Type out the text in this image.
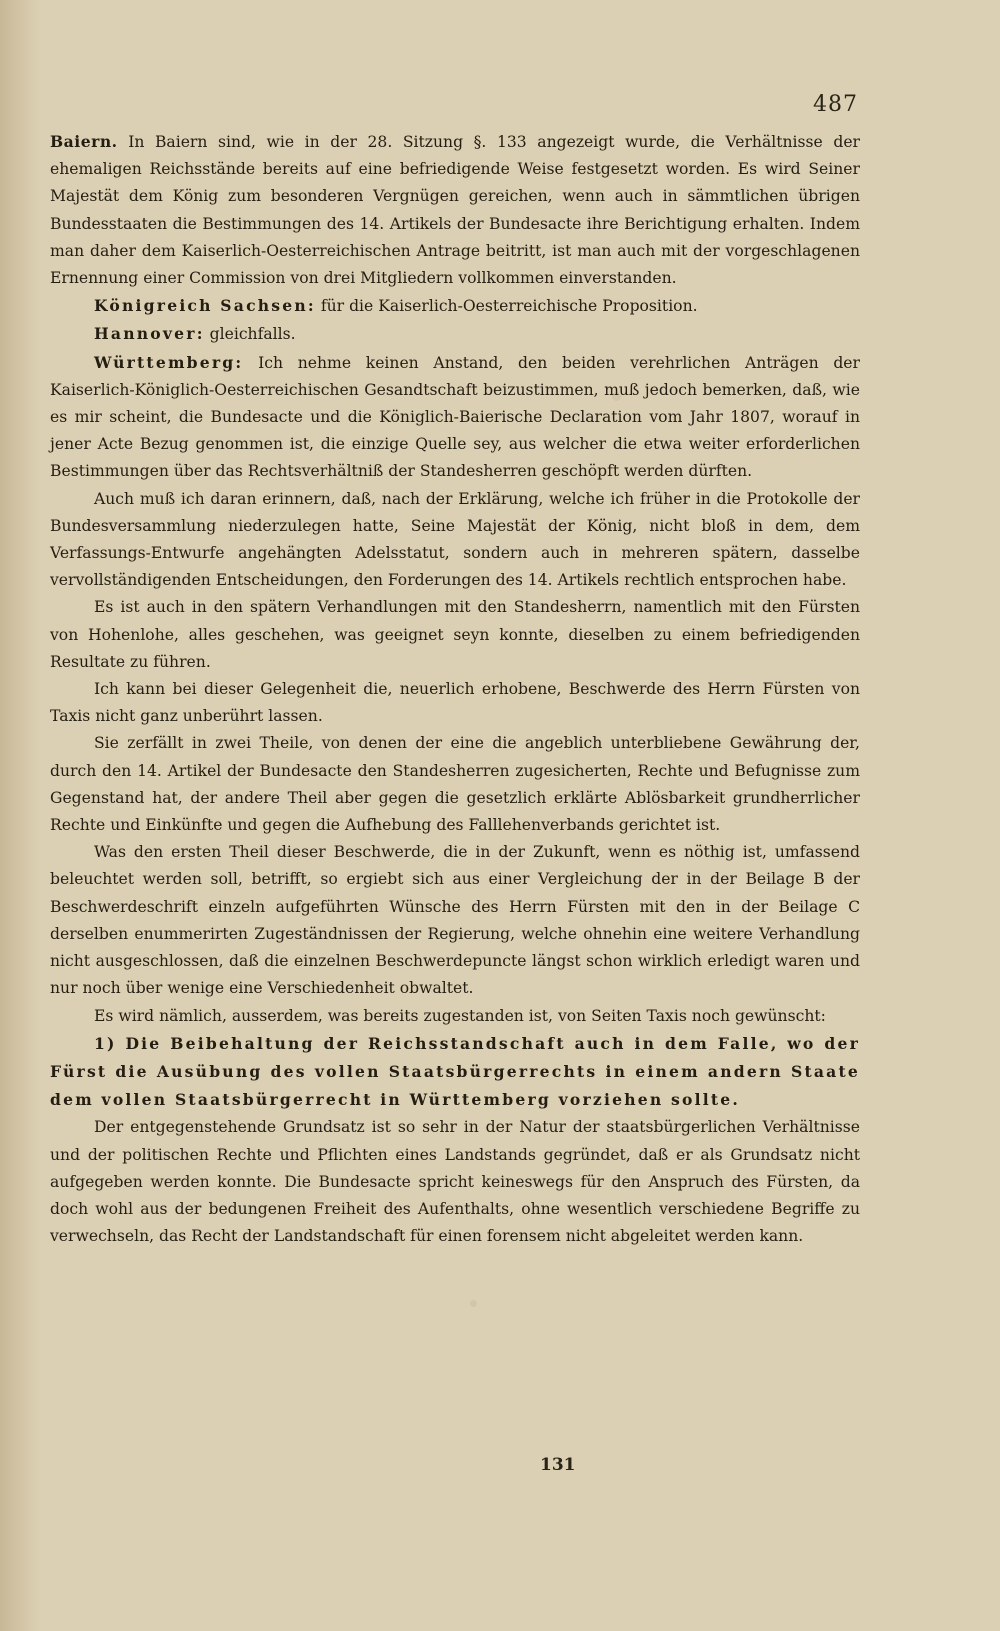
487

Baiern. In Baiern sind, wie in der 28. Sitzung §. 133 angezeigt wurde, die Verhältnisse der ehemaligen Reichsstände bereits auf eine befriedigende Weise festgesetzt worden. Es wird Seiner Majestät dem König zum besonderen Vergnügen gereichen, wenn auch in sämmtlichen übrigen Bundesstaaten die Bestimmungen des 14. Artikels der Bundesacte ihre Berichtigung erhalten. Indem man daher dem Kaiserlich-Oesterreichischen Antrage beitritt, ist man auch mit der vorgeschlagenen Ernennung einer Commission von drei Mitgliedern vollkommen einverstanden.

Königreich Sachsen: für die Kaiserlich-Oesterreichische Proposition.

Hannover: gleichfalls.

Württemberg: Ich nehme keinen Anstand, den beiden verehrlichen Anträgen der Kaiserlich-Königlich-Oesterreichischen Gesandtschaft beizustimmen, muß jedoch bemerken, daß, wie es mir scheint, die Bundesacte und die Königlich-Baierische Declaration vom Jahr 1807, worauf in jener Acte Bezug genommen ist, die einzige Quelle sey, aus welcher die etwa weiter erforderlichen Bestimmungen über das Rechtsverhältniß der Standesherren geschöpft werden dürften.

Auch muß ich daran erinnern, daß, nach der Erklärung, welche ich früher in die Protokolle der Bundesversammlung niederzulegen hatte, Seine Majestät der König, nicht bloß in dem, dem Verfassungs-Entwurfe angehängten Adelsstatut, sondern auch in mehreren spätern, dasselbe vervollständigenden Entscheidungen, den Forderungen des 14. Artikels rechtlich entsprochen habe.

Es ist auch in den spätern Verhandlungen mit den Standesherrn, namentlich mit den Fürsten von Hohenlohe, alles geschehen, was geeignet seyn konnte, dieselben zu einem befriedigenden Resultate zu führen.

Ich kann bei dieser Gelegenheit die, neuerlich erhobene, Beschwerde des Herrn Fürsten von Taxis nicht ganz unberührt lassen.

Sie zerfällt in zwei Theile, von denen der eine die angeblich unterbliebene Gewährung der, durch den 14. Artikel der Bundesacte den Standesherren zugesicherten, Rechte und Befugnisse zum Gegenstand hat, der andere Theil aber gegen die gesetzlich erklärte Ablösbarkeit grundherrlicher Rechte und Einkünfte und gegen die Aufhebung des Falllehenverbands gerichtet ist.

Was den ersten Theil dieser Beschwerde, die in der Zukunft, wenn es nöthig ist, umfassend beleuchtet werden soll, betrifft, so ergiebt sich aus einer Vergleichung der in der Beilage B der Beschwerdeschrift einzeln aufgeführten Wünsche des Herrn Fürsten mit den in der Beilage C derselben enummerirten Zugeständnissen der Regierung, welche ohnehin eine weitere Verhandlung nicht ausgeschlossen, daß die einzelnen Beschwerdepuncte längst schon wirklich erledigt waren und nur noch über wenige eine Verschiedenheit obwaltet.

Es wird nämlich, ausserdem, was bereits zugestanden ist, von Seiten Taxis noch gewünscht:

1) Die Beibehaltung der Reichsstandschaft auch in dem Falle, wo der Fürst die Ausübung des vollen Staatsbürgerrechts in einem andern Staate dem vollen Staatsbürgerrecht in Württemberg vorziehen sollte.

Der entgegenstehende Grundsatz ist so sehr in der Natur der staatsbürgerlichen Verhältnisse und der politischen Rechte und Pflichten eines Landstands gegründet, daß er als Grundsatz nicht aufgegeben werden konnte. Die Bundesacte spricht keineswegs für den Anspruch des Fürsten, da doch wohl aus der bedungenen Freiheit des Aufenthalts, ohne wesentlich verschiedene Begriffe zu verwechseln, das Recht der Landstandschaft für einen forensem nicht abgeleitet werden kann.

131
